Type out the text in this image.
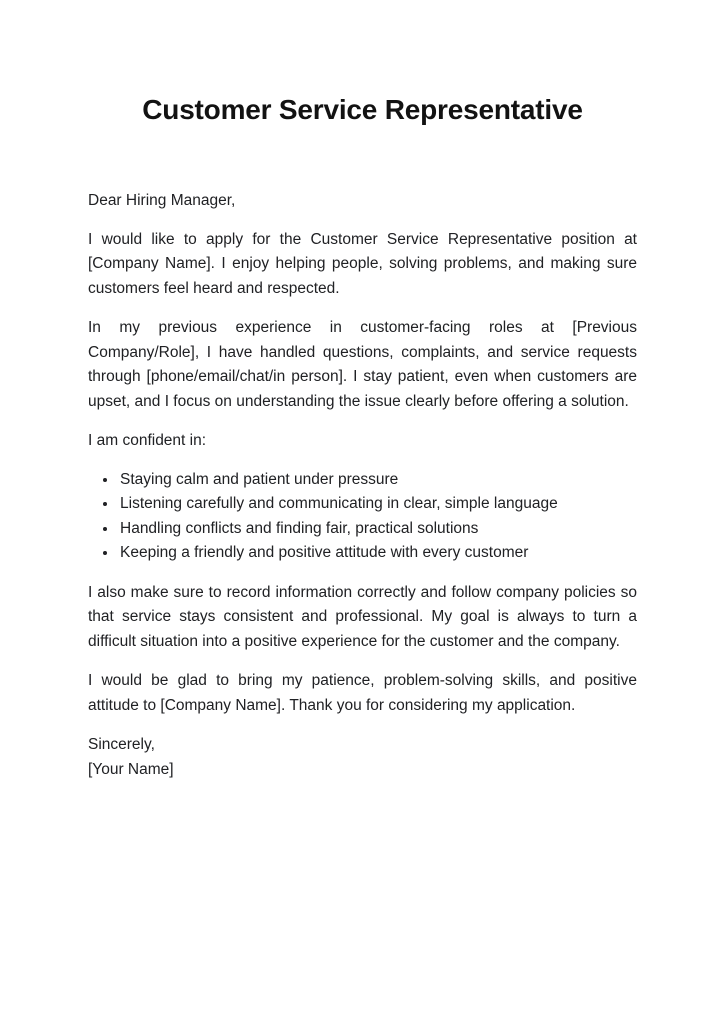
Customer Service Representative

Dear Hiring Manager,

I would like to apply for the Customer Service Representative position at [Company Name]. I enjoy helping people, solving problems, and making sure customers feel heard and respected.

In my previous experience in customer-facing roles at [Previous Company/Role], I have handled questions, complaints, and service requests through [phone/email/chat/in person]. I stay patient, even when customers are upset, and I focus on understanding the issue clearly before offering a solution.

I am confident in:

• Staying calm and patient under pressure
• Listening carefully and communicating in clear, simple language
• Handling conflicts and finding fair, practical solutions
• Keeping a friendly and positive attitude with every customer

I also make sure to record information correctly and follow company policies so that service stays consistent and professional. My goal is always to turn a difficult situation into a positive experience for the customer and the company.

I would be glad to bring my patience, problem-solving skills, and positive attitude to [Company Name]. Thank you for considering my application.

Sincerely,
[Your Name]
